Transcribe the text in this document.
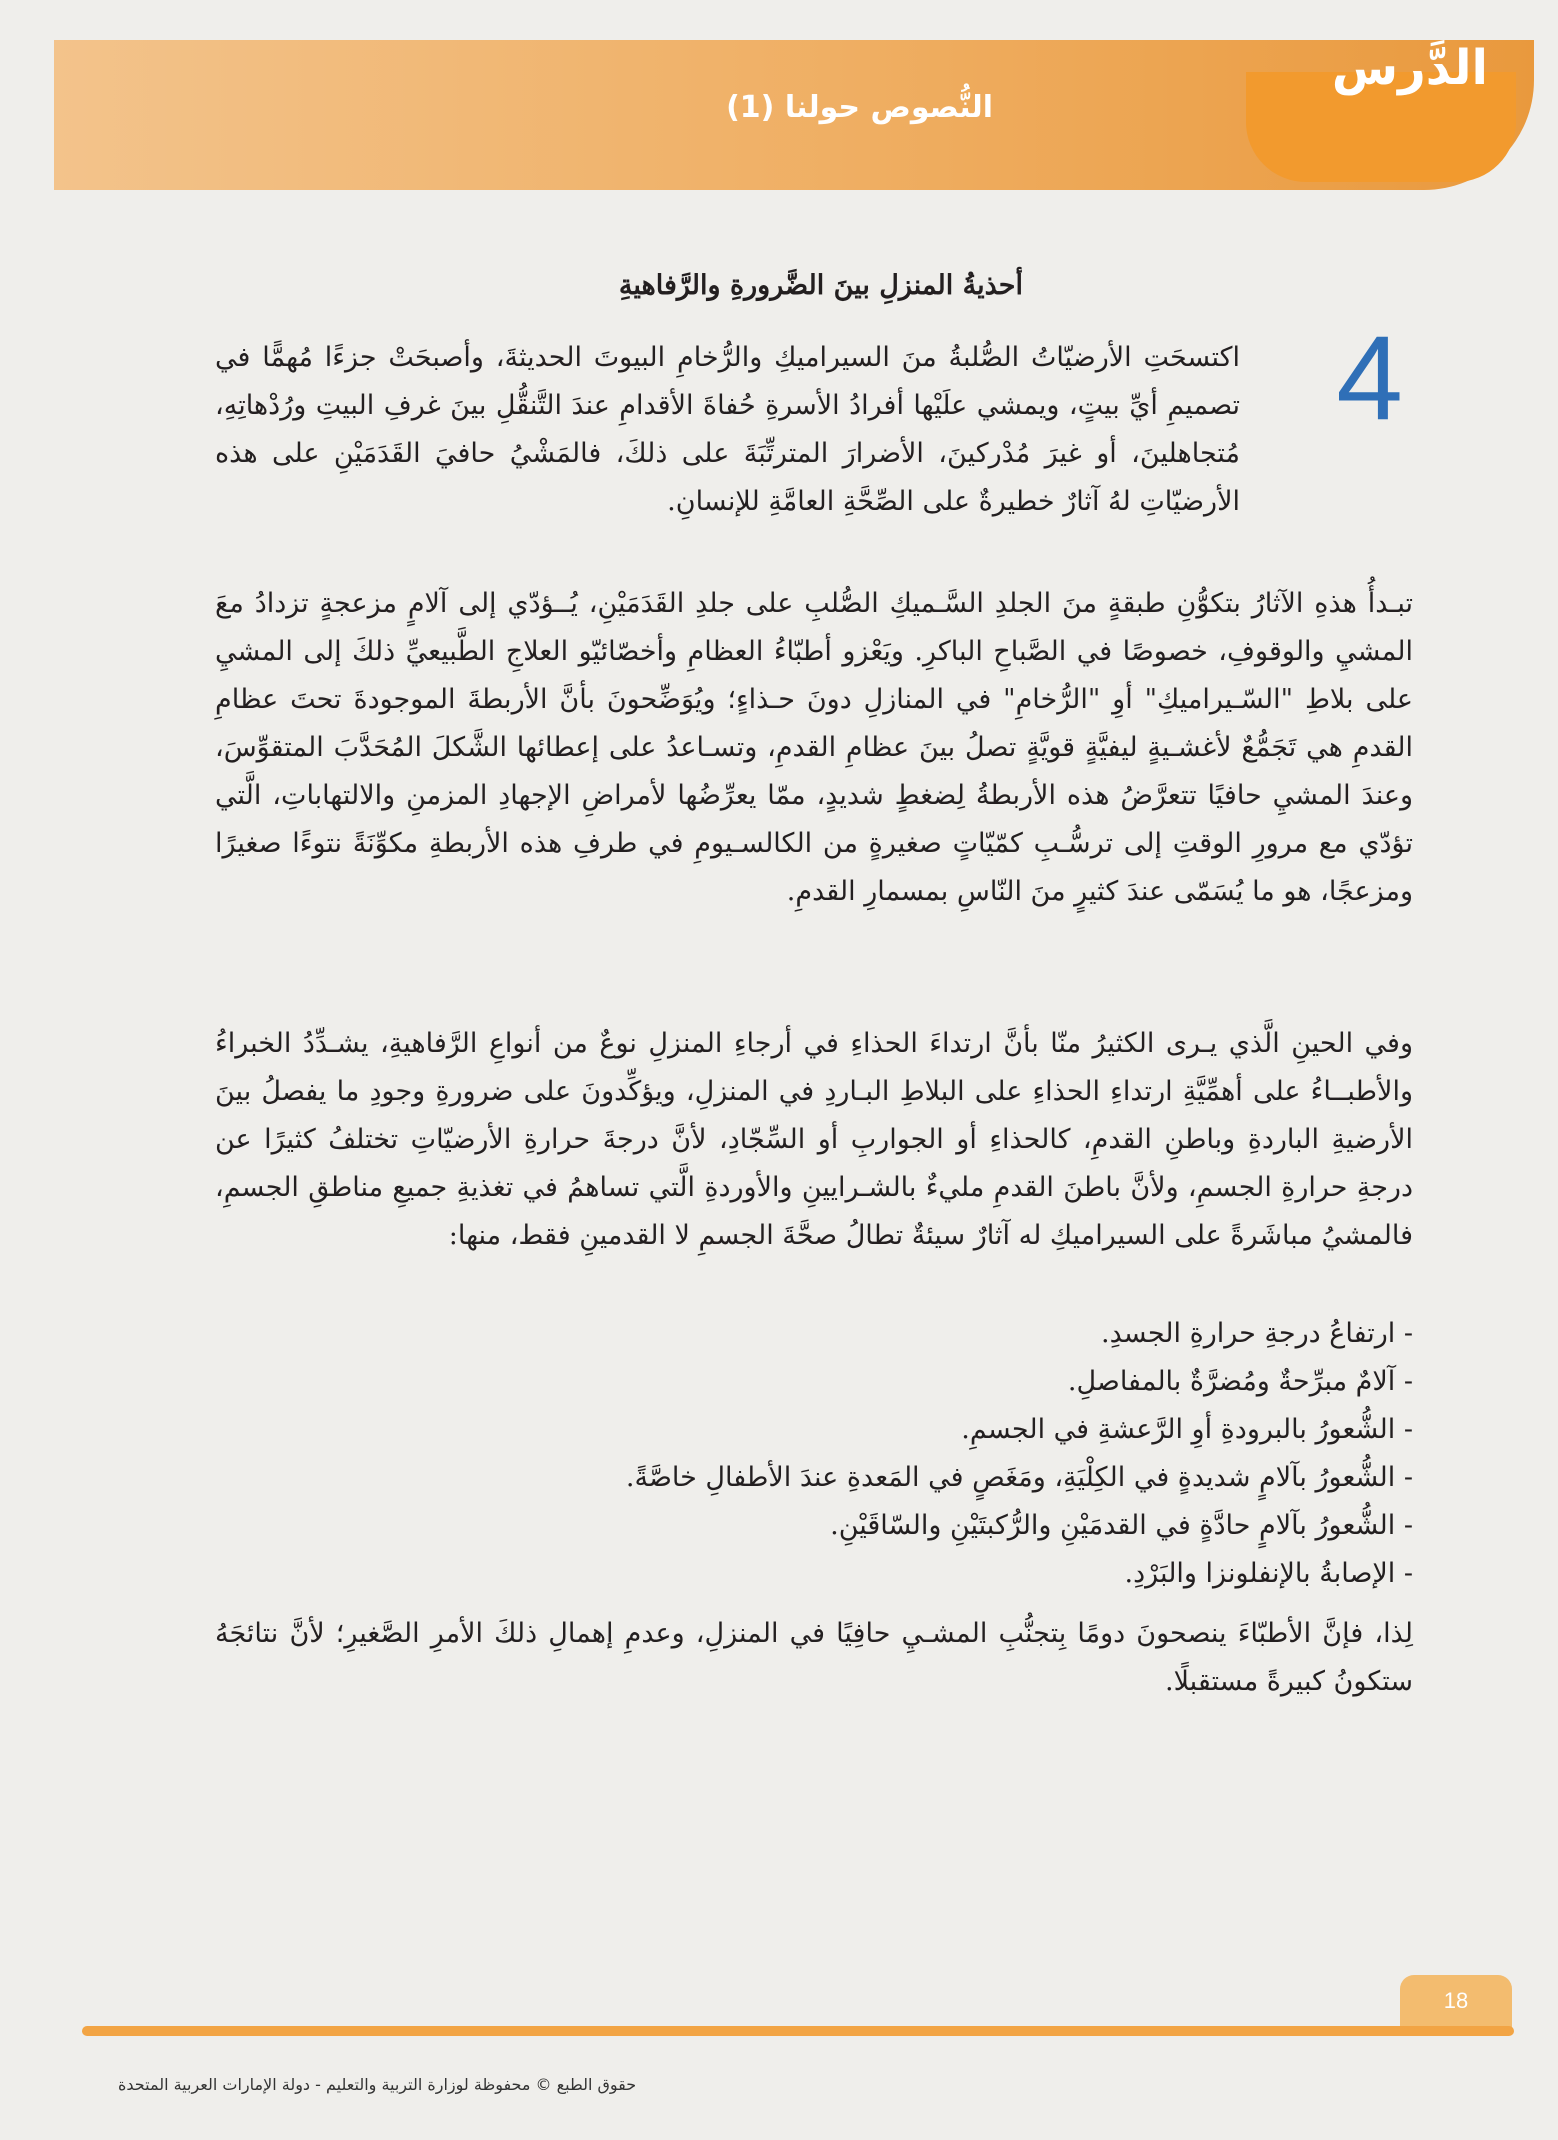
الدَّرس
النُّصوص حولنا (1)
أحذيةُ المنزلِ بينَ الضَّرورةِ والرَّفاهيةِ
4

اكتسحَتِ الأرضيّاتُ الصُّلبةُ منَ السيراميكِ والرُّخامِ البيوتَ الحديثةَ، وأصبحَتْ جزءًا مُهمًّا في تصميمِ أيِّ بيتٍ، ويمشي علَيْها أفرادُ الأسرةِ حُفاةَ الأقدامِ عندَ التَّنقُّلِ بينَ غرفِ البيتِ ورُدْهاتِهِ، مُتجاهلينَ، أو غيرَ مُدْركينَ، الأضرارَ المترتِّبَةَ على ذلكَ، فالمَشْيُ حافيَ القَدَمَيْنِ على هذه الأرضيّاتِ لهُ آثارٌ خطيرةٌ على الصِّحَّةِ العامَّةِ للإنسانِ.

تبـدأُ هذهِ الآثارُ بتكوُّنِ طبقةٍ منَ الجلدِ السَّـميكِ الصُّلبِ على جلدِ القَدَمَيْنِ، يُــؤدّي إلى آلامٍ مزعجةٍ تزدادُ معَ المشيِ والوقوفِ، خصوصًا في الصَّباحِ الباكرِ. ويَعْزو أطبّاءُ العظامِ وأخصّائيّو العلاجِ الطَّبيعيِّ ذلكَ إلى المشيِ على بلاطِ "السّـيراميكِ" أوِ "الرُّخامِ" في المنازلِ دونَ حـذاءٍ؛ ويُوَضِّحونَ بأنَّ الأربطةَ الموجودةَ تحتَ عظامِ القدمِ هي تَجَمُّعٌ لأغشـيةٍ ليفيَّةٍ قويَّةٍ تصلُ بينَ عظامِ القدمِ، وتسـاعدُ على إعطائها الشَّكلَ المُحَدَّبَ المتقوِّسَ، وعندَ المشيِ حافيًا تتعرَّضُ هذه الأربطةُ لِضغطٍ شديدٍ، ممّا يعرِّضُها لأمراضِ الإجهادِ المزمنِ والالتهاباتِ، الَّتي تؤدّي مع مرورِ الوقتِ إلى ترسُّـبِ كمّيّاتٍ صغيرةٍ من الكالسـيومِ في طرفِ هذه الأربطةِ مكوِّنَةً نتوءًا صغيرًا ومزعجًا، هو ما يُسَمّى عندَ كثيرٍ منَ النّاسِ بمسمارِ القدمِ.

وفي الحينِ الَّذي يـرى الكثيرُ منّا بأنَّ ارتداءَ الحذاءِ في أرجاءِ المنزلِ نوعٌ من أنواعِ الرَّفاهيةِ، يشـدِّدُ الخبراءُ والأطبــاءُ على أهمِّيَّةِ ارتداءِ الحذاءِ على البلاطِ البـاردِ في المنزلِ، ويؤكِّدونَ على ضرورةِ وجودِ ما يفصلُ بينَ الأرضيةِ الباردةِ وباطنِ القدمِ، كالحذاءِ أو الجواربِ أو السِّجّادِ، لأنَّ درجةَ حرارةِ الأرضيّاتِ تختلفُ كثيرًا عن درجةِ حرارةِ الجسمِ، ولأنَّ باطنَ القدمِ مليءٌ بالشـرايينِ والأوردةِ الَّتي تساهمُ في تغذيةِ جميعِ مناطقِ الجسمِ، فالمشيُ مباشَرةً على السيراميكِ له آثارٌ سيئةٌ تطالُ صحَّةَ الجسمِ لا القدمينِ فقط، منها:

- ارتفاعُ درجةِ حرارةِ الجسدِ.
- آلامٌ مبرِّحةٌ ومُضرَّةٌ بالمفاصلِ.
- الشُّعورُ بالبرودةِ أوِ الرَّعشةِ في الجسمِ.
- الشُّعورُ بآلامٍ شديدةٍ في الكِلْيَةِ، ومَغَصٍ في المَعدةِ عندَ الأطفالِ خاصَّةً.
- الشُّعورُ بآلامٍ حادَّةٍ في القدمَيْنِ والرُّكبتَيْنِ والسّاقَيْنِ.
- الإصابةُ بالإنفلونزا والبَرْدِ.

لِذا، فإنَّ الأطبّاءَ ينصحونَ دومًا بِتجنُّبِ المشـيِ حافِيًا في المنزلِ، وعدمِ إهمالِ ذلكَ الأمرِ الصَّغيرِ؛ لأنَّ نتائجَهُ ستكونُ كبيرةً مستقبلًا.

18
حقوق الطبع © محفوظة لوزارة التربية والتعليم - دولة الإمارات العربية المتحدة
